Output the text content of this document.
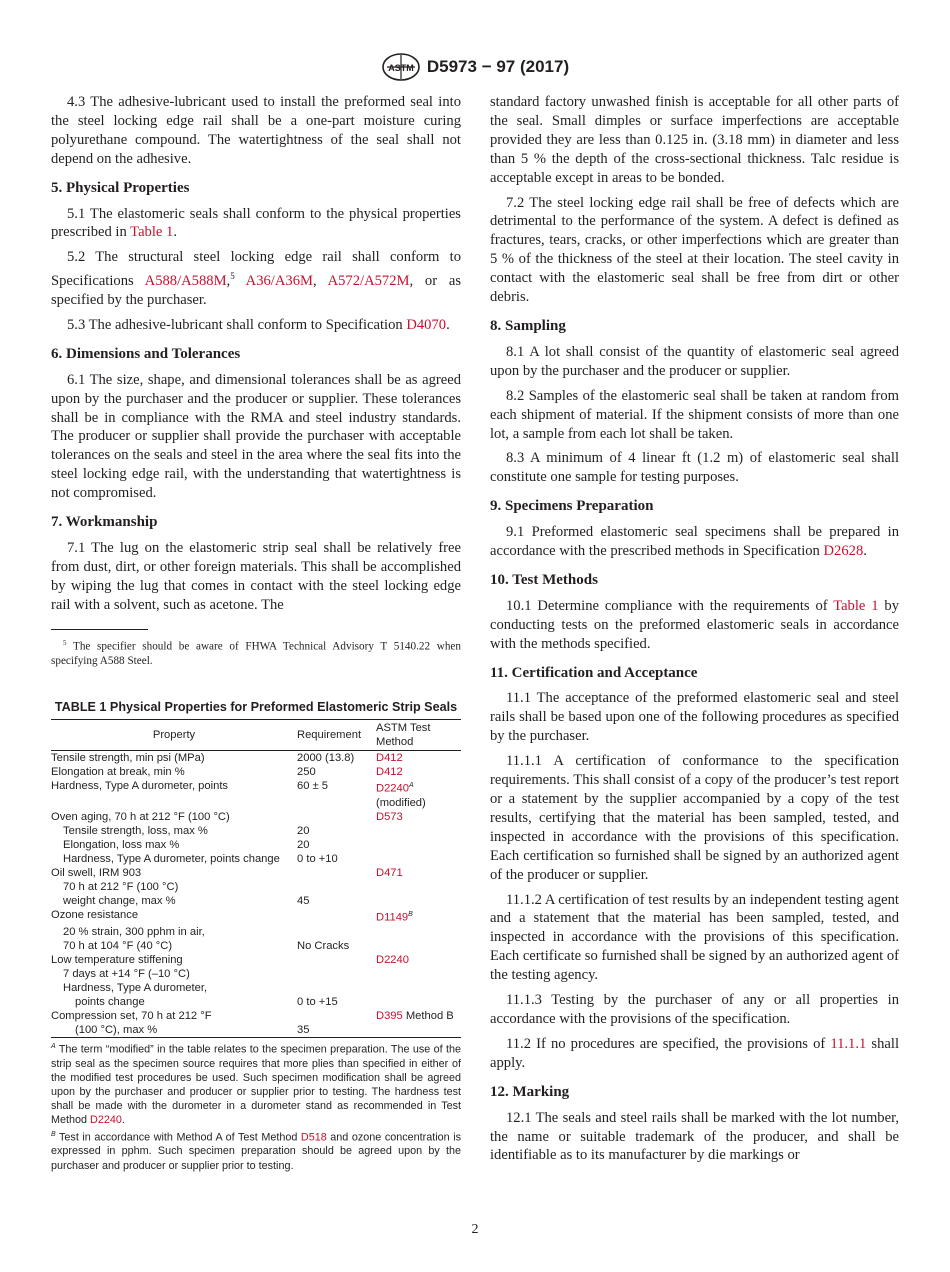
ASTM D5973 − 97 (2017)

4.3 The adhesive-lubricant used to install the preformed seal into the steel locking edge rail shall be a one-part moisture curing polyurethane compound. The watertightness of the seal shall not depend on the adhesive.

5. Physical Properties

5.1 The elastomeric seals shall conform to the physical properties prescribed in Table 1.

5.2 The structural steel locking edge rail shall conform to Specifications A588/A588M,$^5$ A36/A36M, A572/A572M, or as specified by the purchaser.

5.3 The adhesive-lubricant shall conform to Specification D4070.

6. Dimensions and Tolerances

6.1 The size, shape, and dimensional tolerances shall be as agreed upon by the purchaser and the producer or supplier. These tolerances shall be in compliance with the RMA and steel industry standards. The producer or supplier shall provide the purchaser with acceptable tolerances on the seals and steel in the area where the seal fits into the steel locking edge rail, with the understanding that watertightness is not compromised.

7. Workmanship

7.1 The lug on the elastomeric strip seal shall be relatively free from dust, dirt, or other foreign materials. This shall be accomplished by wiping the lug that comes in contact with the steel locking edge rail with a solvent, such as acetone. The

$^5$ The specifier should be aware of FHWA Technical Advisory T 5140.22 when specifying A588 Steel.

TABLE 1 Physical Properties for Preformed Elastomeric Strip Seals
Property	Requirement	ASTM Test Method
Tensile strength, min psi (MPa)	2000 (13.8)	D412
Elongation at break, min %	250	D412
Hardness, Type A durometer, points	60 ± 5	$D2240^A$ (modified)
Oven aging, 70 h at 212 °F (100 °C)		D573
Tensile strength, loss, max %	20	
Elongation, loss max %	20	
Hardness, Type A durometer, points change	0 to +10	
Oil swell, IRM 903		D471
70 h at 212 °F (100 °C)		
weight change, max %	45	
Ozone resistance		$D1149^B$
20 % strain, 300 pphm in air,		
70 h at 104 °F (40 °C)	No Cracks	
Low temperature stiffening		D2240
7 days at +14 °F (–10 °C)		
Hardness, Type A durometer,		
points change	0 to +15	
Compression set, 70 h at 212 °F		D395 Method B
(100 °C), max %	35	
$^A$ The term “modified” in the table relates to the specimen preparation. The use of the strip seal as the specimen source requires that more plies than specified in either of the modified test procedures be used. Such specimen modification shall be agreed upon by the purchaser and producer or supplier prior to testing. The hardness test shall be made with the durometer in a durometer stand as recommended in Test Method D2240.
$^B$ Test in accordance with Method A of Test Method D518 and ozone concentration is expressed in pphm. Such specimen preparation should be agreed upon by the purchaser and producer or supplier prior to testing.

standard factory unwashed finish is acceptable for all other parts of the seal. Small dimples or surface imperfections are acceptable provided they are less than 0.125 in. (3.18 mm) in diameter and less than 5 % the depth of the cross-sectional thickness. Talc residue is acceptable except in areas to be bonded.

7.2 The steel locking edge rail shall be free of defects which are detrimental to the performance of the system. A defect is defined as fractures, tears, cracks, or other imperfections which are greater than 5 % of the thickness of the steel at their location. The steel cavity in contact with the elastomeric seal shall be free from dirt or other debris.

8. Sampling

8.1 A lot shall consist of the quantity of elastomeric seal agreed upon by the purchaser and the producer or supplier.

8.2 Samples of the elastomeric seal shall be taken at random from each shipment of material. If the shipment consists of more than one lot, a sample from each lot shall be taken.

8.3 A minimum of 4 linear ft (1.2 m) of elastomeric seal shall constitute one sample for testing purposes.

9. Specimens Preparation

9.1 Preformed elastomeric seal specimens shall be prepared in accordance with the prescribed methods in Specification D2628.

10. Test Methods

10.1 Determine compliance with the requirements of Table 1 by conducting tests on the preformed elastomeric seals in accordance with the methods specified.

11. Certification and Acceptance

11.1 The acceptance of the preformed elastomeric seal and steel rails shall be based upon one of the following procedures as specified by the purchaser.

11.1.1 A certification of conformance to the specification requirements. This shall consist of a copy of the producer’s test report or a statement by the supplier accompanied by a copy of the test results, certifying that the material has been sampled, tested, and inspected in accordance with the provisions of this specification. Each certification so furnished shall be signed by an authorized agent of the producer or supplier.

11.1.2 A certification of test results by an independent testing agent and a statement that the material has been sampled, tested, and inspected in accordance with the provisions of this specification. Each certificate so furnished shall be signed by an authorized agent of the testing agency.

11.1.3 Testing by the purchaser of any or all properties in accordance with the provisions of the specification.

11.2 If no procedures are specified, the provisions of 11.1.1 shall apply.

12. Marking

12.1 The seals and steel rails shall be marked with the lot number, the name or suitable trademark of the producer, and shall be identifiable as to its manufacturer by die markings or

2
